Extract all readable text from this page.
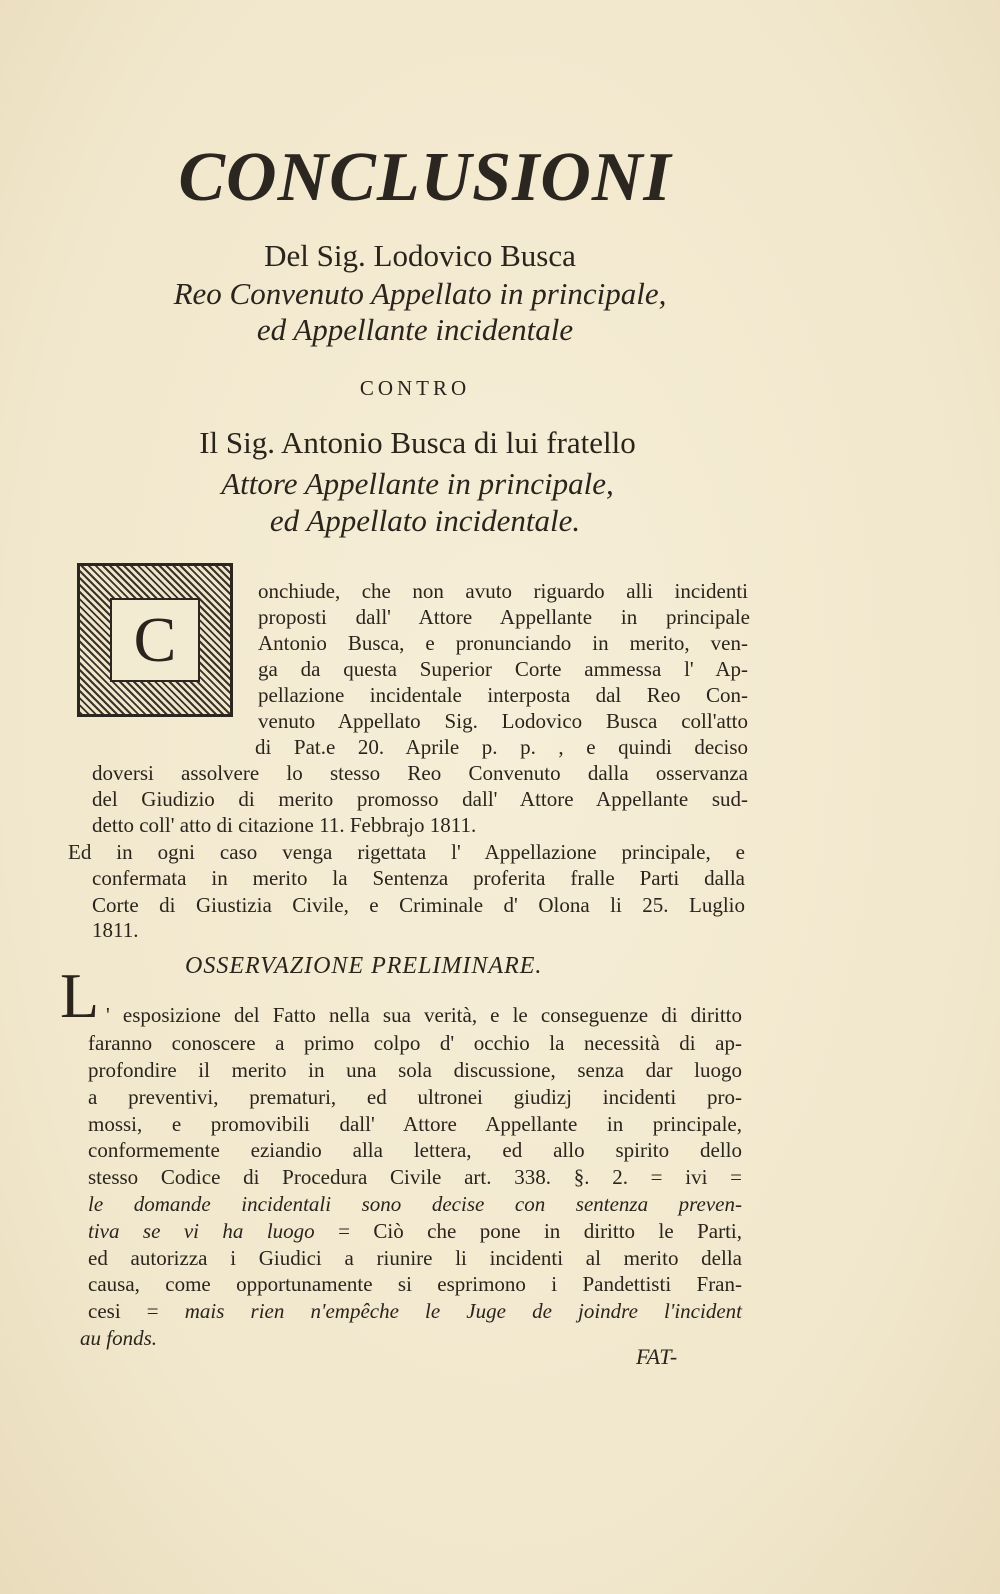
CONCLUSIONI
Del Sig. Lodovico Busca
Reo Convenuto Appellato in principale,
ed Appellante incidentale
CONTRO
Il Sig. Antonio Busca di lui fratello
Attore Appellante in principale,
ed Appellato incidentale.
C
onchiude, che non avuto riguardo alli incidenti
proposti dall' Attore Appellante in principale
Antonio Busca, e pronunciando in merito, ven-
ga da questa Superior Corte ammessa l' Ap-
pellazione incidentale interposta dal Reo Con-
venuto Appellato Sig. Lodovico Busca coll'atto
di Pat.e 20. Aprile p. p. , e quindi deciso
doversi assolvere lo stesso Reo Convenuto dalla osservanza
del Giudizio di merito promosso dall' Attore Appellante sud-
detto coll' atto di citazione 11. Febbrajo 1811.
Ed in ogni caso venga rigettata l' Appellazione principale, e
confermata in merito la Sentenza proferita fralle Parti dalla
Corte di Giustizia Civile, e Criminale d' Olona li 25. Luglio
1811.
OSSERVAZIONE PRELIMINARE.
L ' esposizione del Fatto nella sua verità, e le conseguenze di diritto
faranno conoscere a primo colpo d' occhio la necessità di ap-
profondire il merito in una sola discussione, senza dar luogo
a preventivi, prematuri, ed ultronei giudizj incidenti pro-
mossi, e promovibili dall' Attore Appellante in principale,
conformemente eziandio alla lettera, ed allo spirito dello
stesso Codice di Procedura Civile art. 338. §. 2. = ivi =
le domande incidentali sono decise con sentenza preven-
tiva se vi ha luogo = Ciò che pone in diritto le Parti,
ed autorizza i Giudici a riunire li incidenti al merito della
causa, come opportunamente si esprimono i Pandettisti Fran-
cesi = mais rien n'empêche le Juge de joindre l'incident
au fonds.
FAT-
